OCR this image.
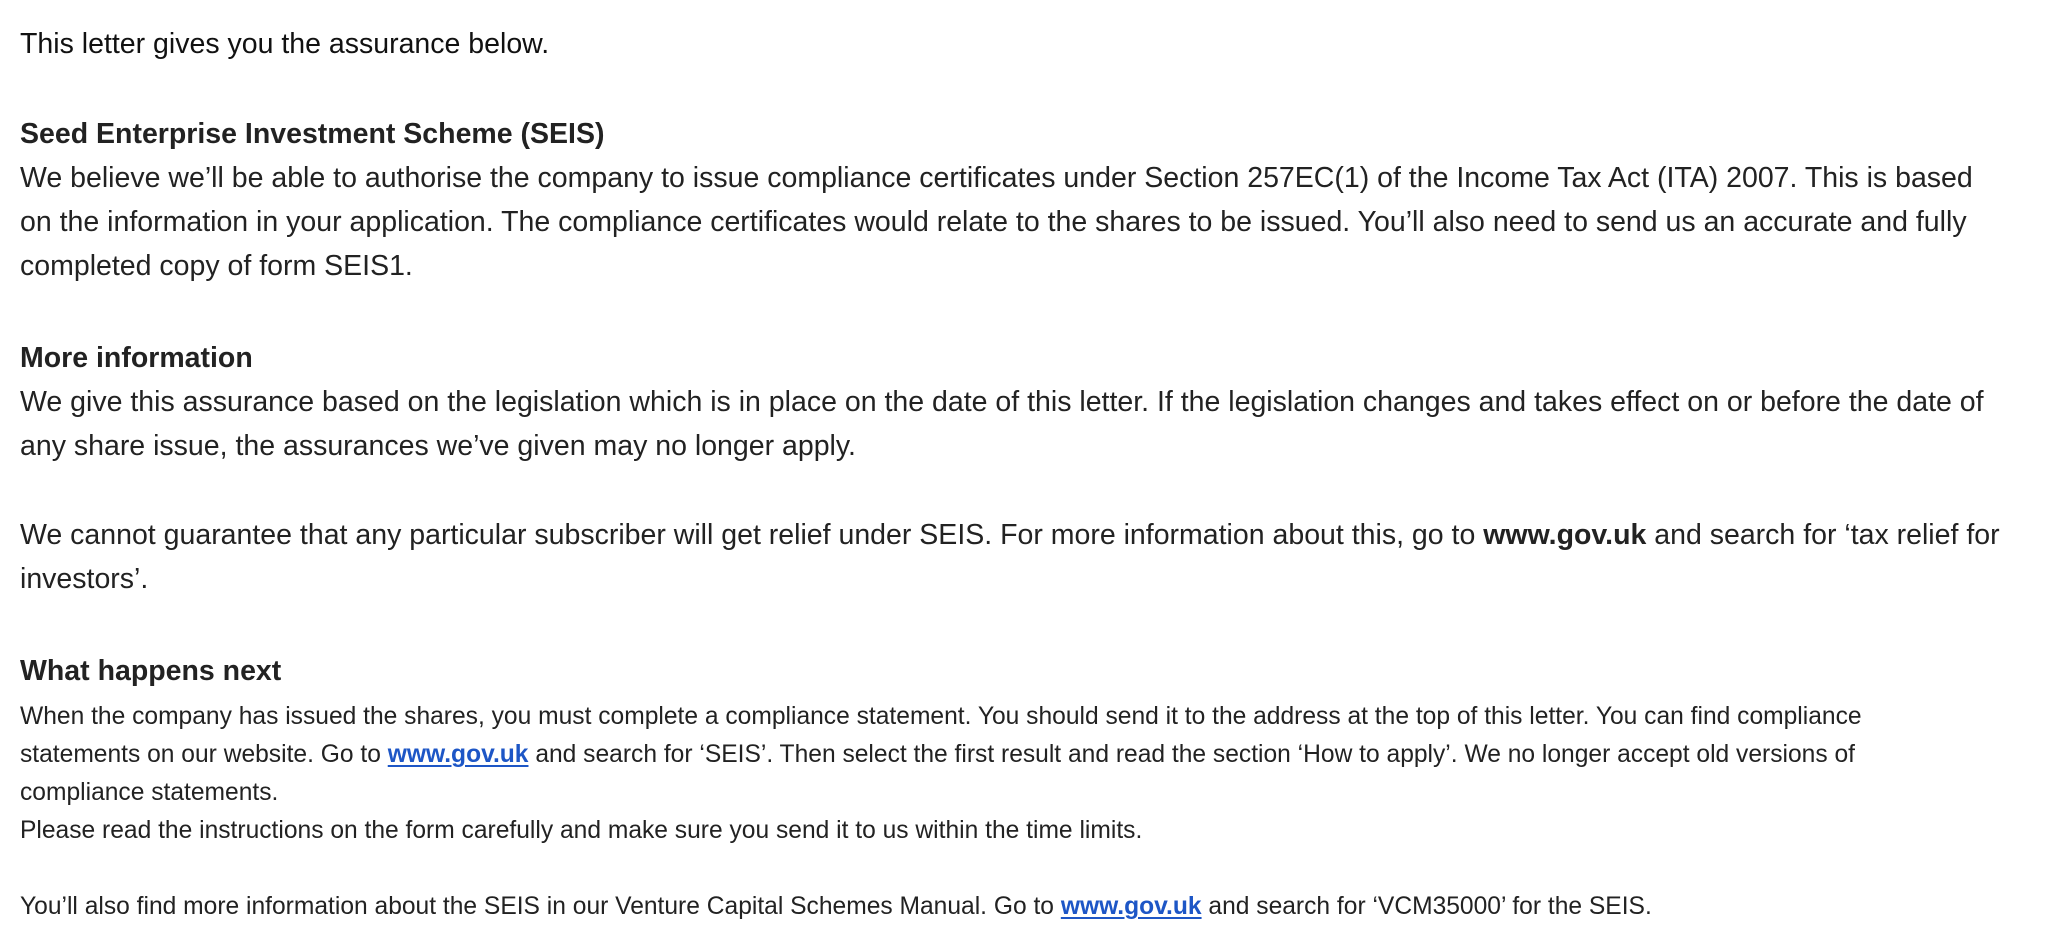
This letter gives you the assurance below.
Seed Enterprise Investment Scheme (SEIS)
We believe we’ll be able to authorise the company to issue compliance certificates under Section 257EC(1) of the Income Tax Act (ITA) 2007. This is based
on the information in your application. The compliance certificates would relate to the shares to be issued. You’ll also need to send us an accurate and fully
completed copy of form SEIS1.
More information
We give this assurance based on the legislation which is in place on the date of this letter. If the legislation changes and takes effect on or before the date of
any share issue, the assurances we’ve given may no longer apply.
We cannot guarantee that any particular subscriber will get relief under SEIS. For more information about this, go to www.gov.uk and search for ‘tax relief for
investors’.
What happens next
When the company has issued the shares, you must complete a compliance statement. You should send it to the address at the top of this letter. You can find compliance
statements on our website. Go to www.gov.uk and search for ‘SEIS’. Then select the first result and read the section ‘How to apply’. We no longer accept old versions of
compliance statements.
Please read the instructions on the form carefully and make sure you send it to us within the time limits.
You’ll also find more information about the SEIS in our Venture Capital Schemes Manual. Go to www.gov.uk and search for ‘VCM35000’ for the SEIS.
